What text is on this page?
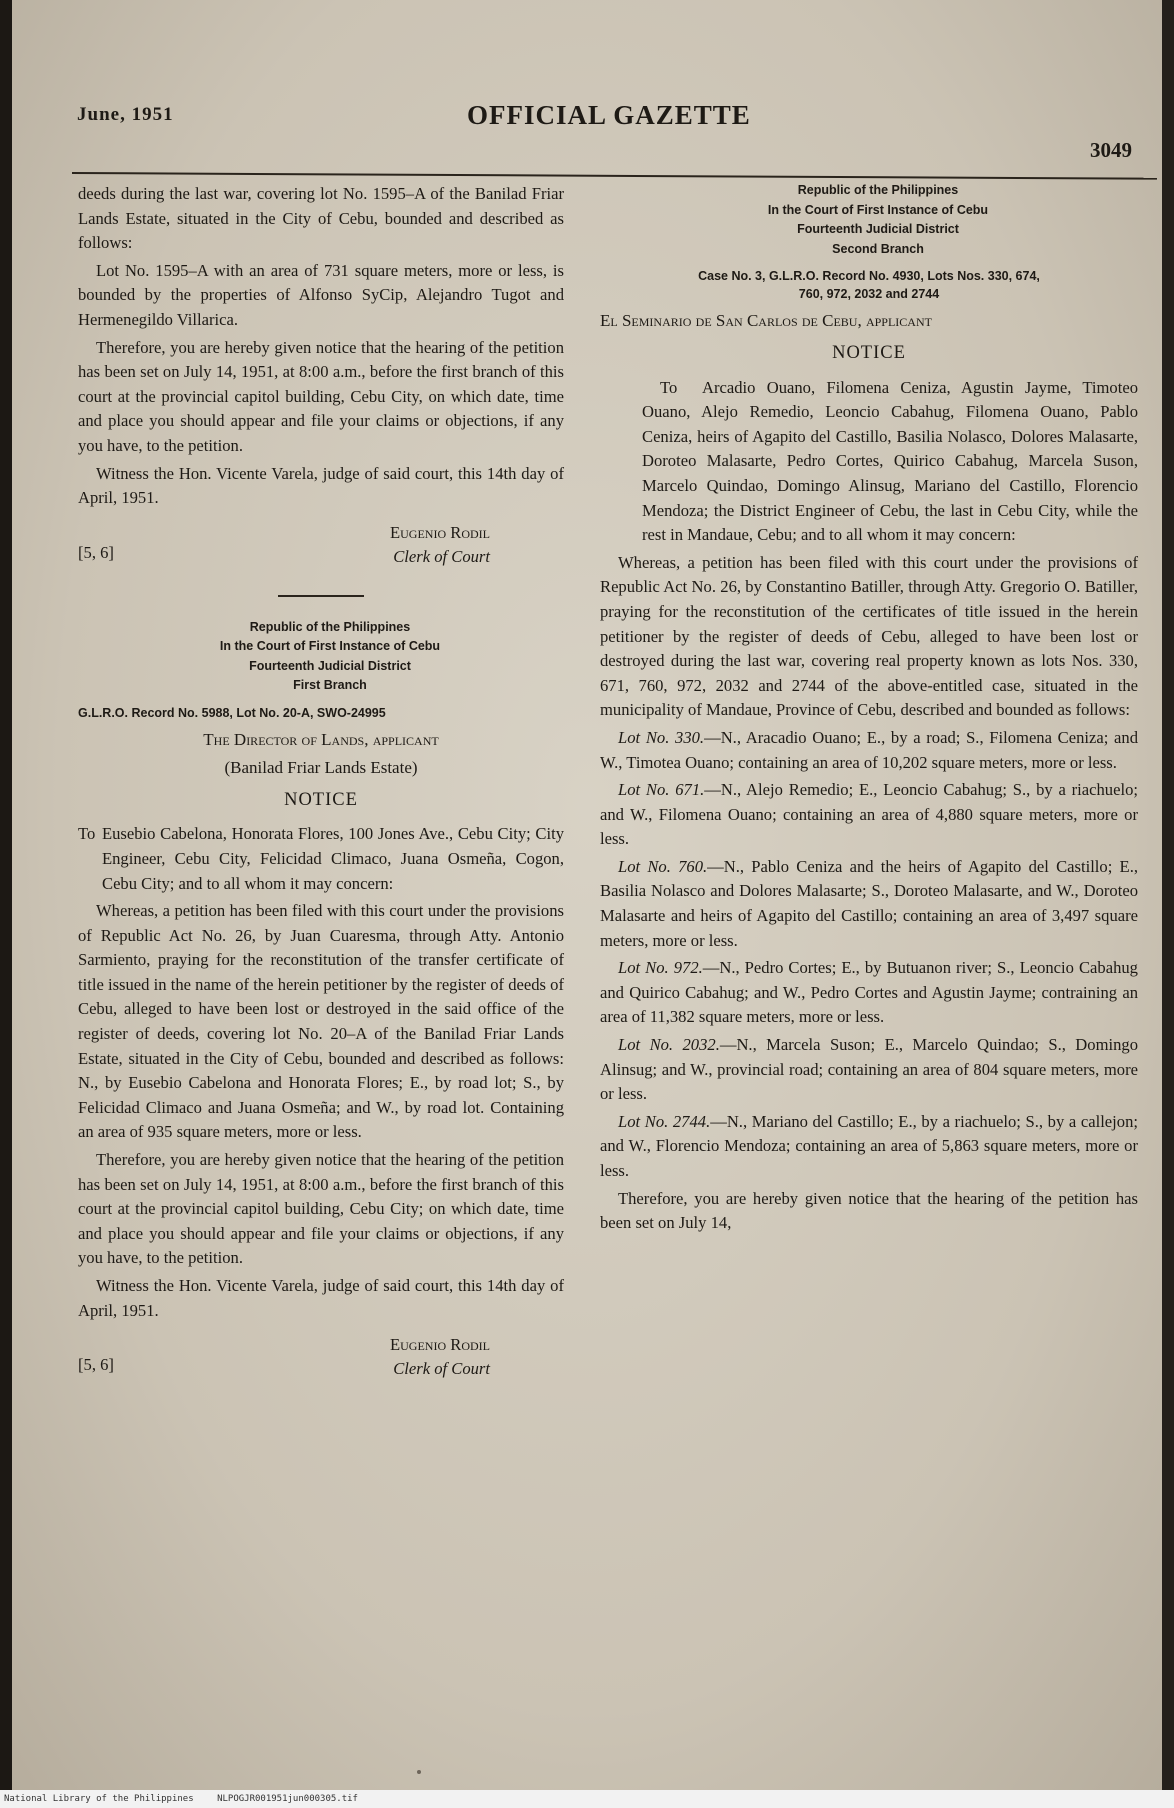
June, 1951	OFFICIAL GAZETTE
3049

deeds during the last war, covering lot No. 1595–A of the Banilad Friar Lands Estate, situated in the City of Cebu, bounded and described as follows:

Lot No. 1595–A with an area of 731 square meters, more or less, is bounded by the properties of Alfonso SyCip, Alejandro Tugot and Hermenegildo Villarica.

Therefore, you are hereby given notice that the hearing of the petition has been set on July 14, 1951, at 8:00 a.m., before the first branch of this court at the provincial capitol building, Cebu City, on which date, time and place you should appear and file your claims or objections, if any you have, to the petition.

Witness the Hon. Vicente Varela, judge of said court, this 14th day of April, 1951.

[5, 6]
Eugenio Rodil
Clerk of Court

Republic of the Philippines

In the Court of First Instance of Cebu

Fourteenth Judicial District

First Branch

G.L.R.O. Record No. 5988, Lot No. 20-A, SWO-24995
The Director of Lands, applicant
(Banilad Friar Lands Estate)
NOTICE

To Eusebio Cabelona, Honorata Flores, 100 Jones Ave., Cebu City; City Engineer, Cebu City, Felicidad Climaco, Juana Osmeña, Cogon, Cebu City; and to all whom it may concern:

Whereas, a petition has been filed with this court under the provisions of Republic Act No. 26, by Juan Cuaresma, through Atty. Antonio Sarmiento, praying for the reconstitution of the transfer certificate of title issued in the name of the herein petitioner by the register of deeds of Cebu, alleged to have been lost or destroyed in the said office of the register of deeds, covering lot No. 20–A of the Banilad Friar Lands Estate, situated in the City of Cebu, bounded and described as follows: N., by Eusebio Cabelona and Honorata Flores; E., by road lot; S., by Felicidad Climaco and Juana Osmeña; and W., by road lot. Containing an area of 935 square meters, more or less.

Therefore, you are hereby given notice that the hearing of the petition has been set on July 14, 1951, at 8:00 a.m., before the first branch of this court at the provincial capitol building, Cebu City; on which date, time and place you should appear and file your claims or objections, if any you have, to the petition.

Witness the Hon. Vicente Varela, judge of said court, this 14th day of April, 1951.

[5, 6]
Eugenio Rodil
Clerk of Court

Republic of the Philippines

In the Court of First Instance of Cebu

Fourteenth Judicial District

Second Branch

Case No. 3, G.L.R.O. Record No. 4930, Lots Nos. 330, 674,
760, 972, 2032 and 2744
El Seminario de San Carlos de Cebu, applicant
NOTICE

To Arcadio Ouano, Filomena Ceniza, Agustin Jayme, Timoteo Ouano, Alejo Remedio, Leoncio Cabahug, Filomena Ouano, Pablo Ceniza, heirs of Agapito del Castillo, Basilia Nolasco, Dolores Malasarte, Doroteo Malasarte, Pedro Cortes, Quirico Cabahug, Marcela Suson, Marcelo Quindao, Domingo Alinsug, Mariano del Castillo, Florencio Mendoza; the District Engineer of Cebu, the last in Cebu City, while the rest in Mandaue, Cebu; and to all whom it may concern:

Whereas, a petition has been filed with this court under the provisions of Republic Act No. 26, by Constantino Batiller, through Atty. Gregorio O. Batiller, praying for the reconstitution of the certificates of title issued in the herein petitioner by the register of deeds of Cebu, alleged to have been lost or destroyed during the last war, covering real property known as lots Nos. 330, 671, 760, 972, 2032 and 2744 of the above-entitled case, situated in the municipality of Mandaue, Province of Cebu, described and bounded as follows:

Lot No. 330.—N., Aracadio Ouano; E., by a road; S., Filomena Ceniza; and W., Timotea Ouano; containing an area of 10,202 square meters, more or less.

Lot No. 671.—N., Alejo Remedio; E., Leoncio Cabahug; S., by a riachuelo; and W., Filomena Ouano; containing an area of 4,880 square meters, more or less.

Lot No. 760.—N., Pablo Ceniza and the heirs of Agapito del Castillo; E., Basilia Nolasco and Dolores Malasarte; S., Doroteo Malasarte, and W., Doroteo Malasarte and heirs of Agapito del Castillo; containing an area of 3,497 square meters, more or less.

Lot No. 972.—N., Pedro Cortes; E., by Butuanon river; S., Leoncio Cabahug and Quirico Cabahug; and W., Pedro Cortes and Agustin Jayme; contraining an area of 11,382 square meters, more or less.

Lot No. 2032.—N., Marcela Suson; E., Marcelo Quindao; S., Domingo Alinsug; and W., provincial road; containing an area of 804 square meters, more or less.

Lot No. 2744.—N., Mariano del Castillo; E., by a riachuelo; S., by a callejon; and W., Florencio Mendoza; containing an area of 5,863 square meters, more or less.

Therefore, you are hereby given notice that the hearing of the petition has been set on July 14,

National Library of the Philippines	NLPOGJR001951jun000305.tif
